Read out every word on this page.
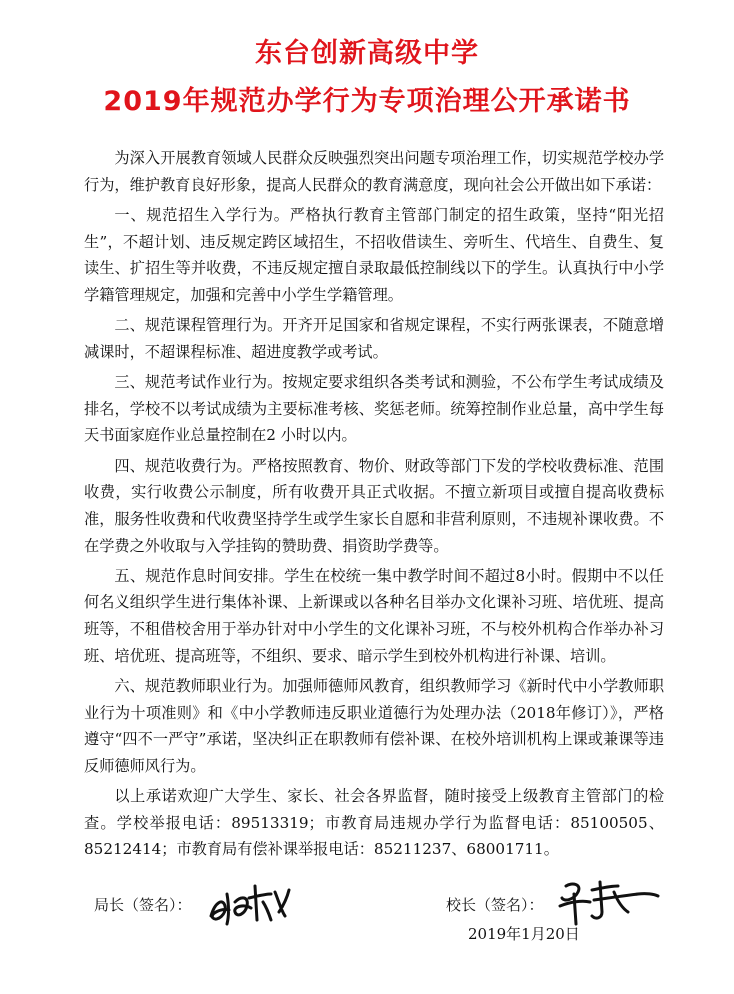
东台创新高级中学
2019年规范办学行为专项治理公开承诺书

为深入开展教育领域人民群众反映强烈突出问题专项治理工作，切实规范学校办学行为，维护教育良好形象，提高人民群众的教育满意度，现向社会公开做出如下承诺：

一、规范招生入学行为。严格执行教育主管部门制定的招生政策，坚持“阳光招生”，不超计划、违反规定跨区域招生，不招收借读生、旁听生、代培生、自费生、复读生、扩招生等并收费，不违反规定擅自录取最低控制线以下的学生。认真执行中小学学籍管理规定，加强和完善中小学生学籍管理。

二、规范课程管理行为。开齐开足国家和省规定课程，不实行两张课表，不随意增减课时，不超课程标准、超进度教学或考试。

三、规范考试作业行为。按规定要求组织各类考试和测验，不公布学生考试成绩及排名，学校不以考试成绩为主要标准考核、奖惩老师。统筹控制作业总量，高中学生每天书面家庭作业总量控制在2 小时以内。

四、规范收费行为。严格按照教育、物价、财政等部门下发的学校收费标准、范围收费，实行收费公示制度，所有收费开具正式收据。不擅立新项目或擅自提高收费标准，服务性收费和代收费坚持学生或学生家长自愿和非营利原则，不违规补课收费。不在学费之外收取与入学挂钩的赞助费、捐资助学费等。

五、规范作息时间安排。学生在校统一集中教学时间不超过8小时。假期中不以任何名义组织学生进行集体补课、上新课或以各种名目举办文化课补习班、培优班、提高班等，不租借校舍用于举办针对中小学生的文化课补习班，不与校外机构合作举办补习班、培优班、提高班等，不组织、要求、暗示学生到校外机构进行补课、培训。

六、规范教师职业行为。加强师德师风教育，组织教师学习《新时代中小学教师职业行为十项准则》和《中小学教师违反职业道德行为处理办法（2018年修订）》，严格遵守“四不一严守”承诺，坚决纠正在职教师有偿补课、在校外培训机构上课或兼课等违反师德师风行为。

以上承诺欢迎广大学生、家长、社会各界监督，随时接受上级教育主管部门的检查。学校举报电话：89513319；市教育局违规办学行为监督电话：85100505、85212414；市教育局有偿补课举报电话：85211237、68001711。

局长（签名）：	校长（签名）：
2019年1月20日
